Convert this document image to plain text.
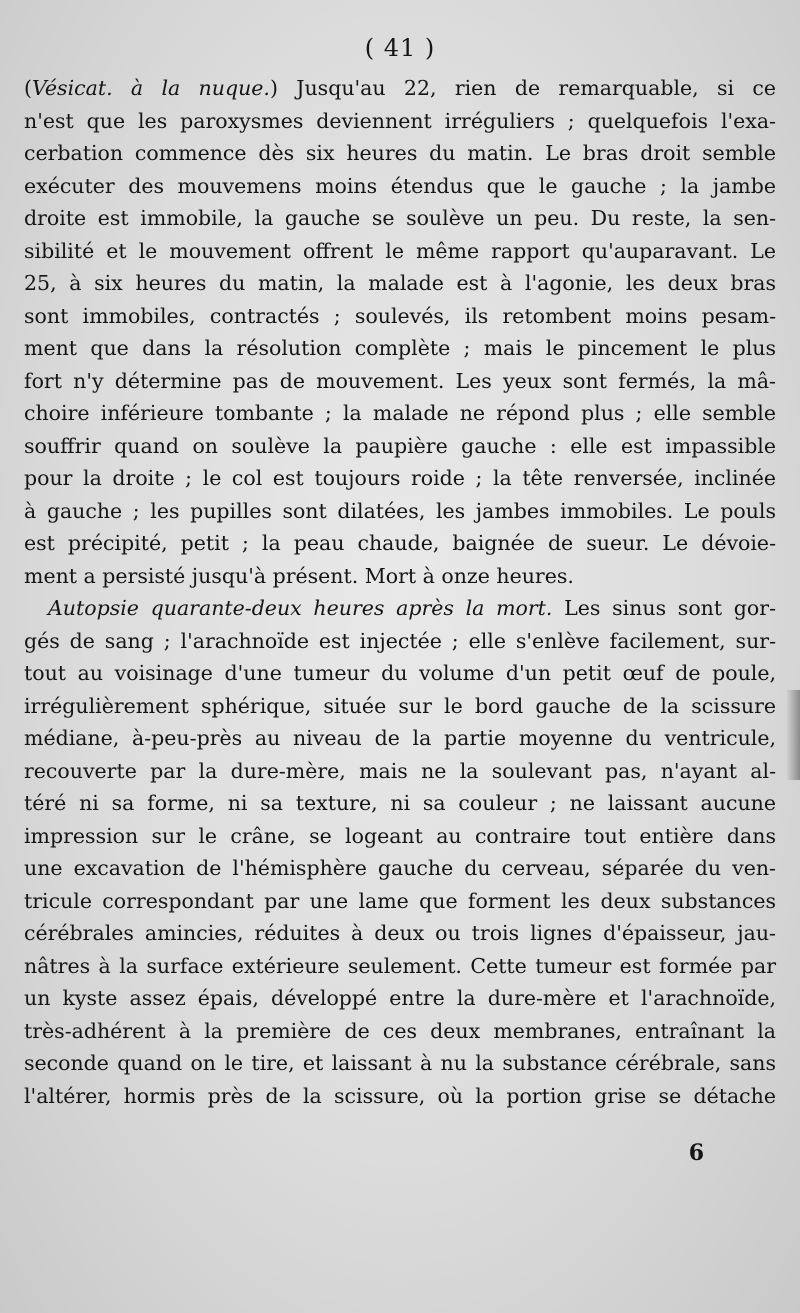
( 41 )
(Vésicat. à la nuque.) Jusqu'au 22, rien de remarquable, si ce
n'est que les paroxysmes deviennent irréguliers ; quelquefois l'exa-
cerbation commence dès six heures du matin. Le bras droit semble
exécuter des mouvemens moins étendus que le gauche ; la jambe
droite est immobile, la gauche se soulève un peu. Du reste, la sen-
sibilité et le mouvement offrent le même rapport qu'auparavant. Le
25, à six heures du matin, la malade est à l'agonie, les deux bras
sont immobiles, contractés ; soulevés, ils retombent moins pesam-
ment que dans la résolution complète ; mais le pincement le plus
fort n'y détermine pas de mouvement. Les yeux sont fermés, la mâ-
choire inférieure tombante ; la malade ne répond plus ; elle semble
souffrir quand on soulève la paupière gauche : elle est impassible
pour la droite ; le col est toujours roide ; la tête renversée, inclinée
à gauche ; les pupilles sont dilatées, les jambes immobiles. Le pouls
est précipité, petit ; la peau chaude, baignée de sueur. Le dévoie-
ment a persisté jusqu'à présent. Mort à onze heures.
Autopsie quarante-deux heures après la mort. Les sinus sont gor-
gés de sang ; l'arachnoïde est injectée ; elle s'enlève facilement, sur-
tout au voisinage d'une tumeur du volume d'un petit œuf de poule,
irrégulièrement sphérique, située sur le bord gauche de la scissure
médiane, à-peu-près au niveau de la partie moyenne du ventricule,
recouverte par la dure-mère, mais ne la soulevant pas, n'ayant al-
téré ni sa forme, ni sa texture, ni sa couleur ; ne laissant aucune
impression sur le crâne, se logeant au contraire tout entière dans
une excavation de l'hémisphère gauche du cerveau, séparée du ven-
tricule correspondant par une lame que forment les deux substances
cérébrales amincies, réduites à deux ou trois lignes d'épaisseur, jau-
nâtres à la surface extérieure seulement. Cette tumeur est formée par
un kyste assez épais, développé entre la dure-mère et l'arachnoïde,
très-adhérent à la première de ces deux membranes, entraînant la
seconde quand on le tire, et laissant à nu la substance cérébrale, sans
l'altérer, hormis près de la scissure, où la portion grise se détache
6
